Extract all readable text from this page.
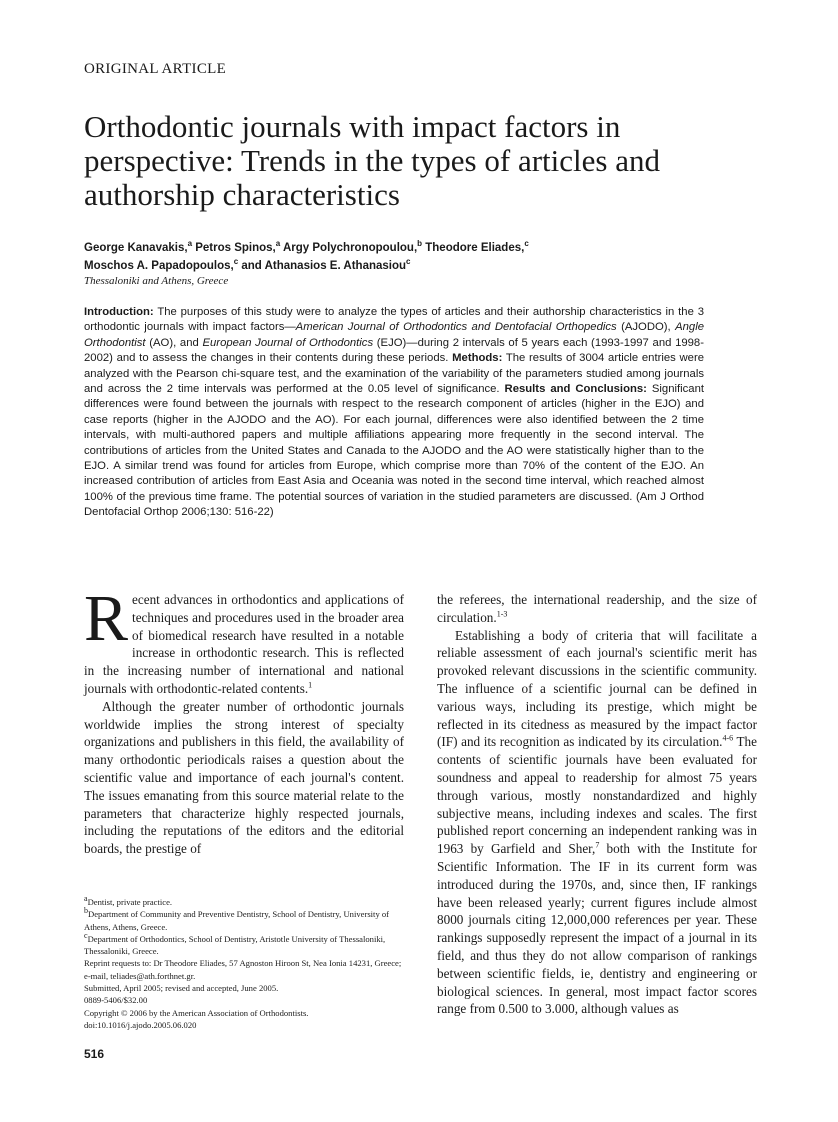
ORIGINAL ARTICLE
Orthodontic journals with impact factors in perspective: Trends in the types of articles and authorship characteristics
George Kanavakis,$^a$ Petros Spinos,$^a$ Argy Polychronopoulou,$^b$ Theodore Eliades,$^c$
Moschos A. Papadopoulos,$^c$ and Athanasios E. Athanasiou$^c$
Thessaloniki and Athens, Greece

Introduction: The purposes of this study were to analyze the types of articles and their authorship characteristics in the 3 orthodontic journals with impact factors—American Journal of Orthodontics and Dentofacial Orthopedics (AJODO), Angle Orthodontist (AO), and European Journal of Orthodontics (EJO)—during 2 intervals of 5 years each (1993-1997 and 1998-2002) and to assess the changes in their contents during these periods. Methods: The results of 3004 article entries were analyzed with the Pearson chi-square test, and the examination of the variability of the parameters studied among journals and across the 2 time intervals was performed at the 0.05 level of significance. Results and Conclusions: Significant differences were found between the journals with respect to the research component of articles (higher in the EJO) and case reports (higher in the AJODO and the AO). For each journal, differences were also identified between the 2 time intervals, with multi-authored papers and multiple affiliations appearing more frequently in the second interval. The contributions of articles from the United States and Canada to the AJODO and the AO were statistically higher than to the EJO. A similar trend was found for articles from Europe, which comprise more than 70% of the content of the EJO. An increased contribution of articles from East Asia and Oceania was noted in the second time interval, which reached almost 100% of the previous time frame. The potential sources of variation in the studied parameters are discussed. (Am J Orthod Dentofacial Orthop 2006;130: 516-22)

Recent advances in orthodontics and applications of techniques and procedures used in the broader area of biomedical research have resulted in a notable increase in orthodontic research. This is reflected in the increasing number of international and national journals with orthodontic-related contents.$^1$

Although the greater number of orthodontic journals worldwide implies the strong interest of specialty organizations and publishers in this field, the availability of many orthodontic periodicals raises a question about the scientific value and importance of each journal's content. The issues emanating from this source material relate to the parameters that characterize highly respected journals, including the reputations of the editors and the editorial boards, the prestige of

the referees, the international readership, and the size of circulation.$^{1-3}$

Establishing a body of criteria that will facilitate a reliable assessment of each journal's scientific merit has provoked relevant discussions in the scientific community. The influence of a scientific journal can be defined in various ways, including its prestige, which might be reflected in its citedness as measured by the impact factor (IF) and its recognition as indicated by its circulation.$^{4-6}$ The contents of scientific journals have been evaluated for soundness and appeal to readership for almost 75 years through various, mostly nonstandardized and highly subjective means, including indexes and scales. The first published report concerning an independent ranking was in 1963 by Garfield and Sher,$^7$ both with the Institute for Scientific Information. The IF in its current form was introduced during the 1970s, and, since then, IF rankings have been released yearly; current figures include almost 8000 journals citing 12,000,000 references per year. These rankings supposedly represent the impact of a journal in its field, and thus they do not allow comparison of rankings between scientific fields, ie, dentistry and engineering or biological sciences. In general, most impact factor scores range from 0.500 to 3.000, although values as

$^a$Dentist, private practice.
$^b$Department of Community and Preventive Dentistry, School of Dentistry, University of Athens, Athens, Greece.
$^c$Department of Orthodontics, School of Dentistry, Aristotle University of Thessaloniki, Thessaloniki, Greece.
Reprint requests to: Dr Theodore Eliades, 57 Agnoston Hiroon St, Nea Ionia 14231, Greece; e-mail, teliades@ath.forthnet.gr.
Submitted, April 2005; revised and accepted, June 2005.
0889-5406/$32.00
Copyright © 2006 by the American Association of Orthodontists.
doi:10.1016/j.ajodo.2005.06.020
516
